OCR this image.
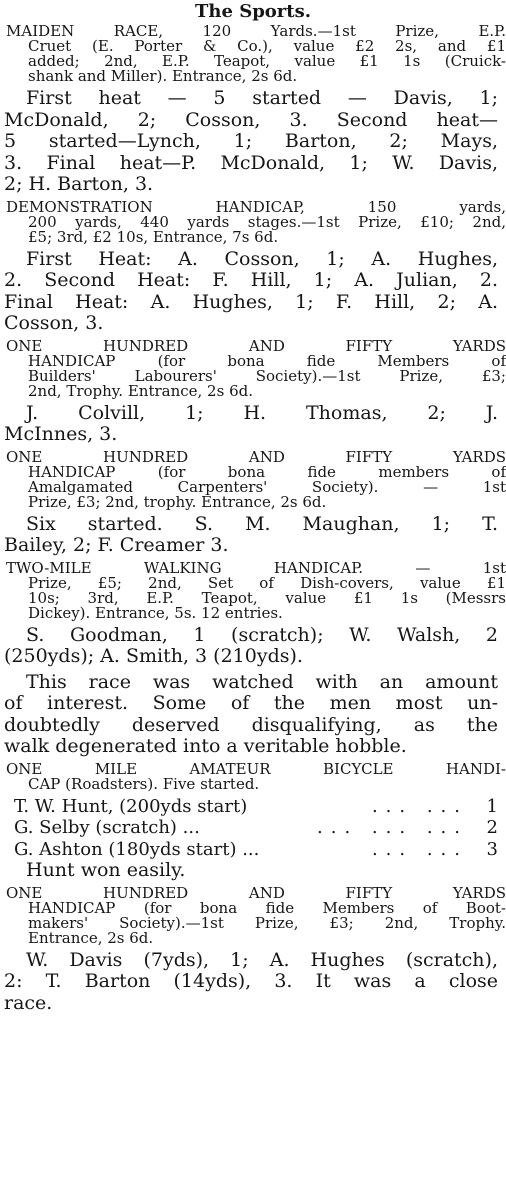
The Sports.
MAIDEN RACE, 120 Yards.—1st Prize, E.P.
Cruet (E. Porter & Co.), value £2 2s, and £1
added; 2nd, E.P. Teapot, value £1 1s (Cruick-
shank and Miller). Entrance, 2s 6d.
First heat — 5 started — Davis, 1;
McDonald, 2; Cosson, 3. Second heat—
5 started—Lynch, 1; Barton, 2; Mays,
3. Final heat—P. McDonald, 1; W. Davis,
2; H. Barton, 3.
DEMONSTRATION HANDICAP, 150 yards,
200 yards, 440 yards stages.—1st Prize, £10; 2nd,
£5; 3rd, £2 10s, Entrance, 7s 6d.
First Heat: A. Cosson, 1; A. Hughes,
2. Second Heat: F. Hill, 1; A. Julian, 2.
Final Heat: A. Hughes, 1; F. Hill, 2; A.
Cosson, 3.
ONE HUNDRED AND FIFTY YARDS
HANDICAP (for bona fide Members of
Builders' Labourers' Society).—1st Prize, £3;
2nd, Trophy. Entrance, 2s 6d.
J. Colvill, 1; H. Thomas, 2; J.
McInnes, 3.
ONE HUNDRED AND FIFTY YARDS
HANDICAP (for bona fide members of
Amalgamated Carpenters' Society). — 1st
Prize, £3; 2nd, trophy. Entrance, 2s 6d.
Six started. S. M. Maughan, 1; T.
Bailey, 2; F. Creamer 3.
TWO-MILE WALKING HANDICAP. — 1st
Prize, £5; 2nd, Set of Dish-covers, value £1
10s; 3rd, E.P. Teapot, value £1 1s (Messrs
Dickey). Entrance, 5s. 12 entries.
S. Goodman, 1 (scratch); W. Walsh, 2
(250yds); A. Smith, 3 (210yds).
This race was watched with an amount
of interest. Some of the men most un-
doubtedly deserved disqualifying, as the
walk degenerated into a veritable hobble.
ONE MILE AMATEUR BICYCLE HANDI-
CAP (Roadsters). Five started.
T. W. Hunt, (200yds start)	... ...	1
G. Selby (scratch) ...	... ... ...	2
G. Ashton (180yds start) ...	... ...	3
Hunt won easily.
ONE HUNDRED AND FIFTY YARDS
HANDICAP (for bona fide Members of Boot-
makers' Society).—1st Prize, £3; 2nd, Trophy.
Entrance, 2s 6d.
W. Davis (7yds), 1; A. Hughes (scratch),
2: T. Barton (14yds), 3. It was a close
race.
